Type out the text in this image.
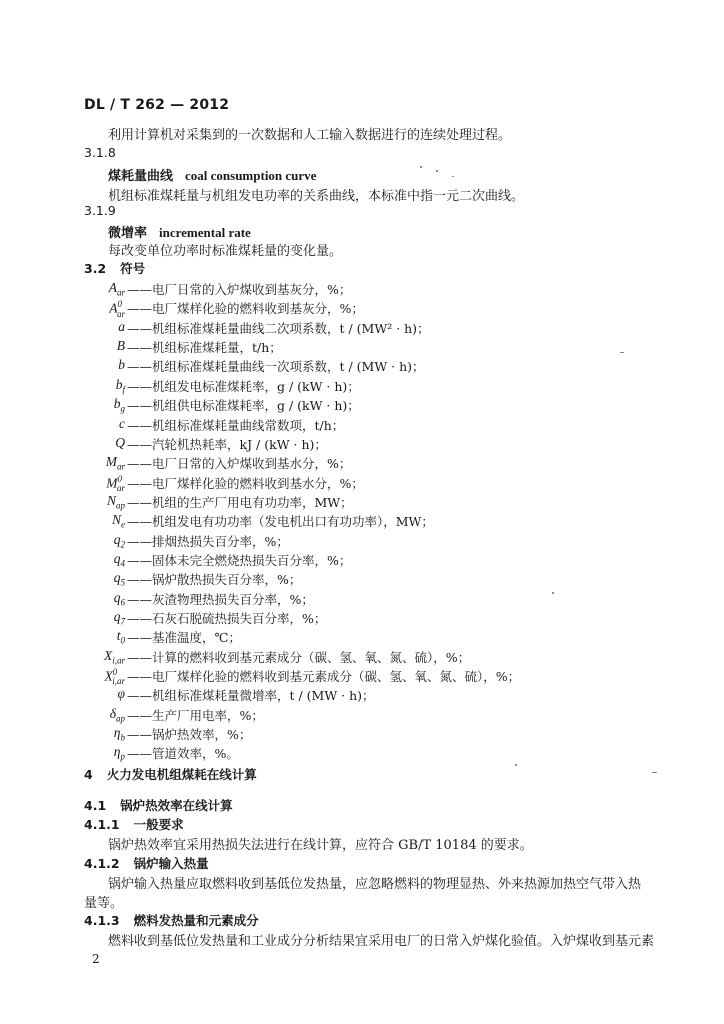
DL / T 262 — 2012
利用计算机对采集到的一次数据和人工输入数据进行的连续处理过程。
3.1.8
煤耗量曲线 coal consumption curve
机组标准煤耗量与机组发电功率的关系曲线，本标准中指一元二次曲线。
3.1.9
微增率 incremental rate
每改变单位功率时标准煤耗量的变化量。
3.2 符号
$A_{ar}$ ——电厂日常的入炉煤收到基灰分，%；
$A^0_{ar}$ ——电厂煤样化验的燃料收到基灰分，%；
a ——机组标准煤耗量曲线二次项系数，t / (MW² · h)；
B ——机组标准煤耗量，t/h；
b ——机组标准煤耗量曲线一次项系数，t / (MW · h)；
$b_f$ ——机组发电标准煤耗率，g / (kW · h)；
$b_g$ ——机组供电标准煤耗率，g / (kW · h)；
c ——机组标准煤耗量曲线常数项，t/h；
Q ——汽轮机热耗率，kJ / (kW · h)；
$M_{ar}$ ——电厂日常的入炉煤收到基水分，%；
$M^0_{ar}$ ——电厂煤样化验的燃料收到基水分，%；
$N_{ap}$ ——机组的生产厂用电有功功率，MW；
$N_e$ ——机组发电有功功率（发电机出口有功功率），MW；
$q_2$ ——排烟热损失百分率，%；
$q_4$ ——固体未完全燃烧热损失百分率，%；
$q_5$ ——锅炉散热损失百分率，%；
$q_6$ ——灰渣物理热损失百分率，%；
$q_7$ ——石灰石脱硫热损失百分率，%；
$t_0$ ——基准温度，℃；
$X_{i,ar}$ ——计算的燃料收到基元素成分（碳、氢、氧、氮、硫），%；
$X^0_{i,ar}$ ——电厂煤样化验的燃料收到基元素成分（碳、氢、氧、氮、硫），%；
φ ——机组标准煤耗量微增率，t / (MW · h)；
$\delta_{ap}$ ——生产厂用电率，%；
$\eta_b$ ——锅炉热效率，%；
$\eta_p$ ——管道效率，%。
4 火力发电机组煤耗在线计算
4.1 锅炉热效率在线计算
4.1.1 一般要求
锅炉热效率宜采用热损失法进行在线计算，应符合 GB/T 10184 的要求。
4.1.2 锅炉输入热量
锅炉输入热量应取燃料收到基低位发热量，应忽略燃料的物理显热、外来热源加热空气带入热
量等。
4.1.3 燃料发热量和元素成分
燃料收到基低位发热量和工业成分分析结果宜采用电厂的日常入炉煤化验值。入炉煤收到基元素
2
